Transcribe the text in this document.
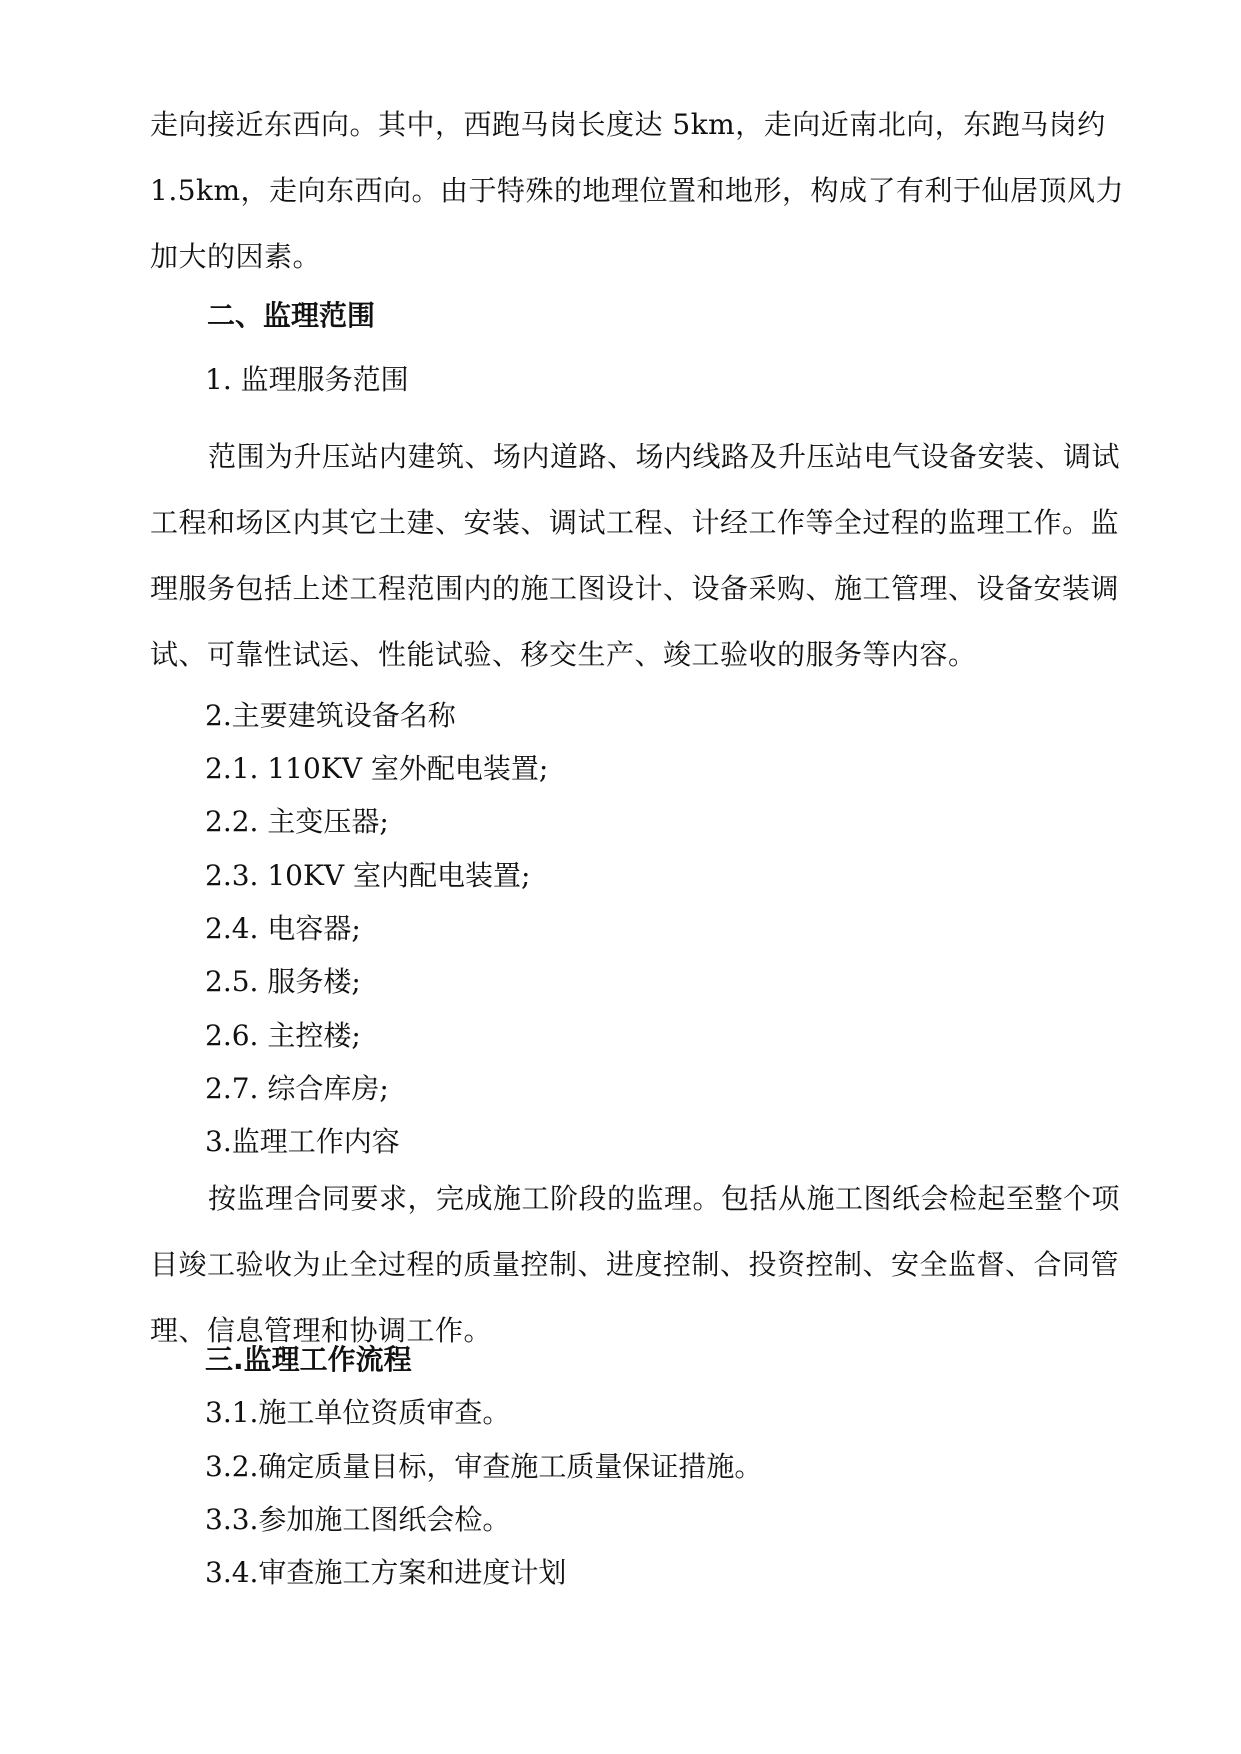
走向接近东西向。其中，西跑马岗长度达 5km，走向近南北向，东跑马岗约 1.5km，走向东西向。由于特殊的地理位置和地形，构成了有利于仙居顶风力加大的因素。

二、监理范围

1. 监理服务范围

范围为升压站内建筑、场内道路、场内线路及升压站电气设备安装、调试工程和场区内其它土建、安装、调试工程、计经工作等全过程的监理工作。监理服务包括上述工程范围内的施工图设计、设备采购、施工管理、设备安装调试、可靠性试运、性能试验、移交生产、竣工验收的服务等内容。

2.主要建筑设备名称

2.1. 110KV 室外配电装置;

2.2. 主变压器;

2.3. 10KV 室内配电装置;

2.4. 电容器;

2.5. 服务楼;

2.6. 主控楼;

2.7. 综合库房;

3.监理工作内容

按监理合同要求，完成施工阶段的监理。包括从施工图纸会检起至整个项目竣工验收为止全过程的质量控制、进度控制、投资控制、安全监督、合同管理、信息管理和协调工作。

三.监理工作流程

3.1.施工单位资质审查。

3.2.确定质量目标，审查施工质量保证措施。

3.3.参加施工图纸会检。

3.4.审查施工方案和进度计划
